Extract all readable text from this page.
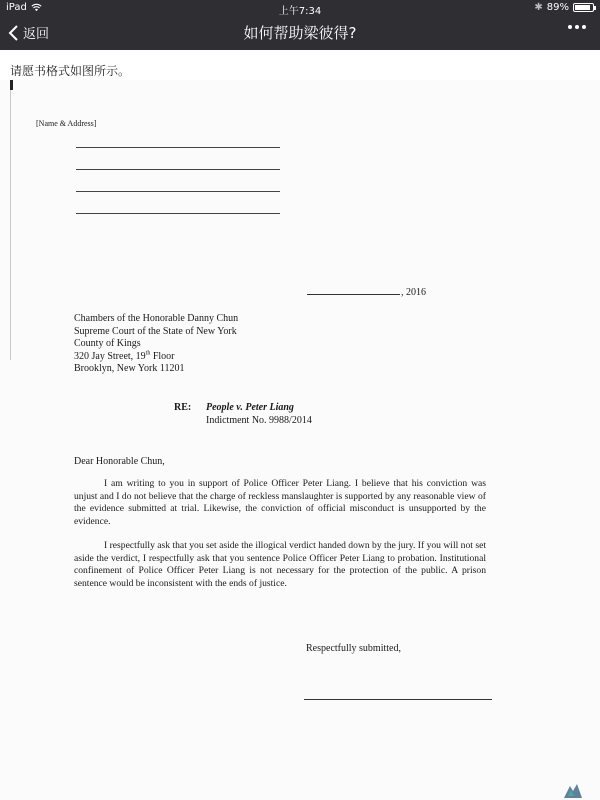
iPad	上午7:34	✱ 89%
返回	如何帮助梁彼得?
请愿书格式如图所示。
[Name & Address]
, 2016
Chambers of the Honorable Danny Chun
Supreme Court of the State of New York
County of Kings
320 Jay Street, 19th Floor
Brooklyn, New York 11201
RE: People v. Peter Liang
Indictment No. 9988/2014
Dear Honorable Chun,
I am writing to you in support of Police Officer Peter Liang. I believe that his conviction was unjust and I do not believe that the charge of reckless manslaughter is supported by any reasonable view of the evidence submitted at trial. Likewise, the conviction of official misconduct is unsupported by the evidence.
I respectfully ask that you set aside the illogical verdict handed down by the jury. If you will not set aside the verdict, I respectfully ask that you sentence Police Officer Peter Liang to probation. Institutional confinement of Police Officer Peter Liang is not necessary for the protection of the public. A prison sentence would be inconsistent with the ends of justice.
Respectfully submitted,
